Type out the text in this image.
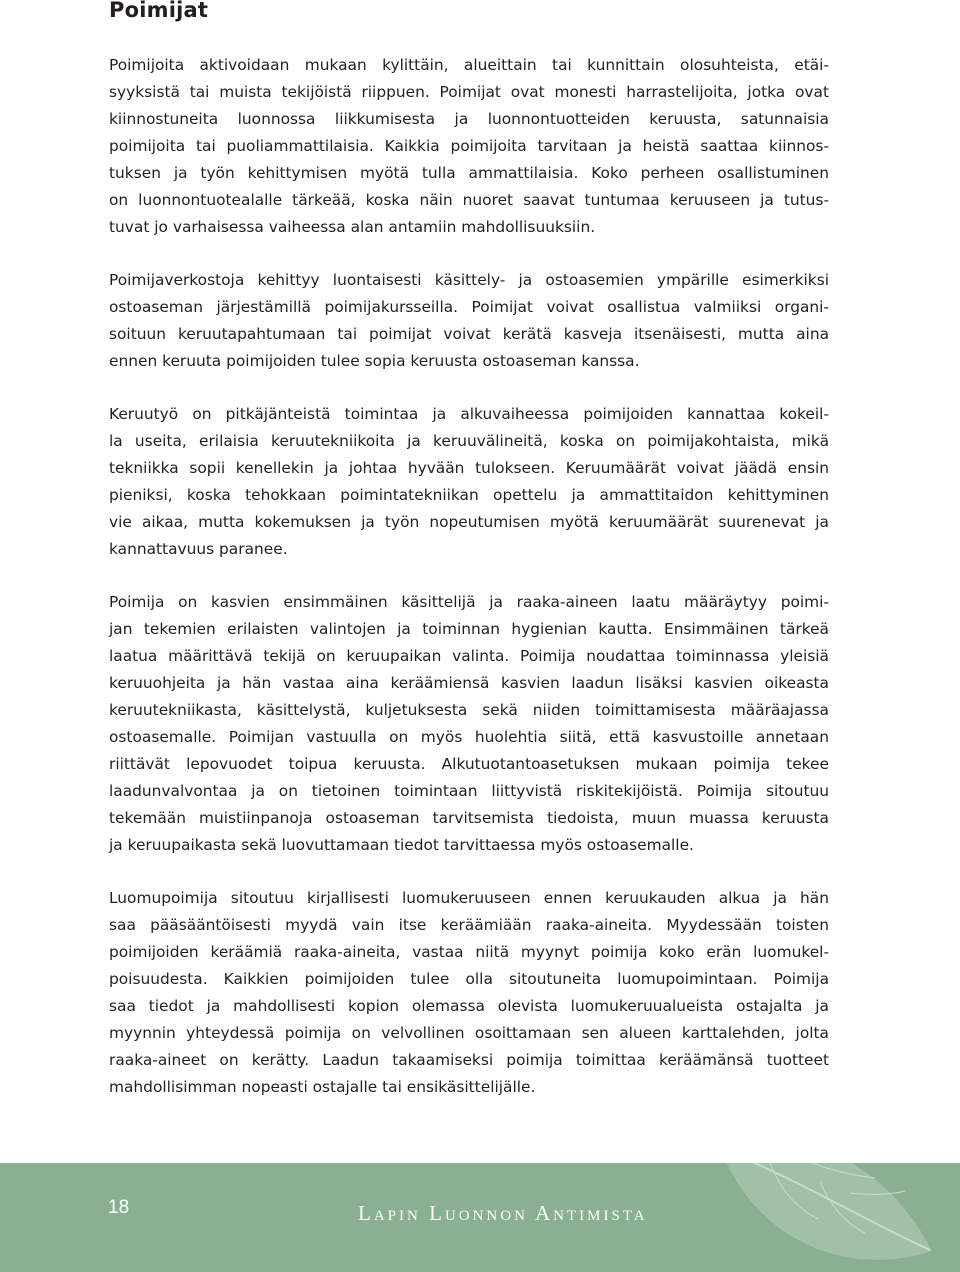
Poimijat

Poimijoita aktivoidaan mukaan kylittäin, alueittain tai kunnittain olosuhteista, etäi-
syyksistä tai muista tekijöistä riippuen. Poimijat ovat monesti harrastelijoita, jotka ovat
kiinnostuneita luonnossa liikkumisesta ja luonnontuotteiden keruusta, satunnaisia
poimijoita tai puoliammattilaisia. Kaikkia poimijoita tarvitaan ja heistä saattaa kiinnos-
tuksen ja työn kehittymisen myötä tulla ammattilaisia. Koko perheen osallistuminen
on luonnontuotealalle tärkeää, koska näin nuoret saavat tuntumaa keruuseen ja tutus-
tuvat jo varhaisessa vaiheessa alan antamiin mahdollisuuksiin.

Poimijaverkostoja kehittyy luontaisesti käsittely- ja ostoasemien ympärille esimerkiksi
ostoaseman järjestämillä poimijakursseilla. Poimijat voivat osallistua valmiiksi organi-
soituun keruutapahtumaan tai poimijat voivat kerätä kasveja itsenäisesti, mutta aina
ennen keruuta poimijoiden tulee sopia keruusta ostoaseman kanssa.

Keruutyö on pitkäjänteistä toimintaa ja alkuvaiheessa poimijoiden kannattaa kokeil-
la useita, erilaisia keruutekniikoita ja keruuvälineitä, koska on poimijakohtaista, mikä
tekniikka sopii kenellekin ja johtaa hyvään tulokseen. Keruumäärät voivat jäädä ensin
pieniksi, koska tehokkaan poimintatekniikan opettelu ja ammattitaidon kehittyminen
vie aikaa, mutta kokemuksen ja työn nopeutumisen myötä keruumäärät suurenevat ja
kannattavuus paranee.

Poimija on kasvien ensimmäinen käsittelijä ja raaka-aineen laatu määräytyy poimi-
jan tekemien erilaisten valintojen ja toiminnan hygienian kautta. Ensimmäinen tärkeä
laatua määrittävä tekijä on keruupaikan valinta. Poimija noudattaa toiminnassa yleisiä
keruuohjeita ja hän vastaa aina keräämiensä kasvien laadun lisäksi kasvien oikeasta
keruutekniikasta, käsittelystä, kuljetuksesta sekä niiden toimittamisesta määräajassa
ostoasemalle. Poimijan vastuulla on myös huolehtia siitä, että kasvustoille annetaan
riittävät lepovuodet toipua keruusta. Alkutuotantoasetuksen mukaan poimija tekee
laadunvalvontaa ja on tietoinen toimintaan liittyvistä riskitekijöistä. Poimija sitoutuu
tekemään muistiinpanoja ostoaseman tarvitsemista tiedoista, muun muassa keruusta
ja keruupaikasta sekä luovuttamaan tiedot tarvittaessa myös ostoasemalle.

Luomupoimija sitoutuu kirjallisesti luomukeruuseen ennen keruukauden alkua ja hän
saa pääsääntöisesti myydä vain itse keräämiään raaka-aineita. Myydessään toisten
poimijoiden keräämiä raaka-aineita, vastaa niitä myynyt poimija koko erän luomukel-
poisuudesta. Kaikkien poimijoiden tulee olla sitoutuneita luomupoimintaan. Poimija
saa tiedot ja mahdollisesti kopion olemassa olevista luomukeruualueista ostajalta ja
myynnin yhteydessä poimija on velvollinen osoittamaan sen alueen karttalehden, jolta
raaka-aineet on kerätty. Laadun takaamiseksi poimija toimittaa keräämänsä tuotteet
mahdollisimman nopeasti ostajalle tai ensikäsittelijälle.

18	Lapin Luonnon Antimista
